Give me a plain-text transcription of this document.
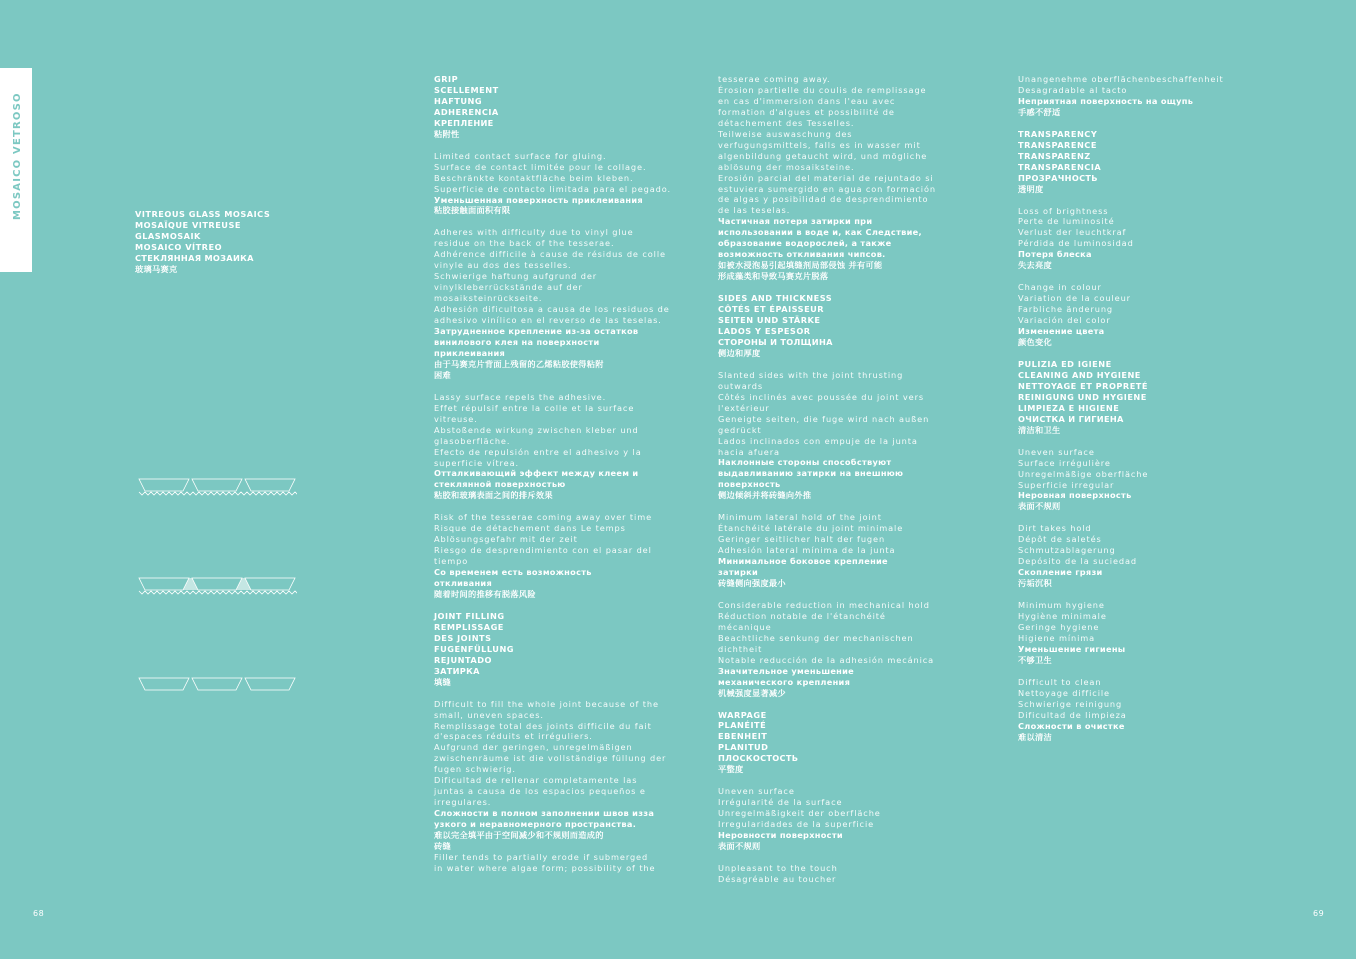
MOSAICO VETROSO	VITREOUS GLASS MOSAICS
MOSAÏQUE VITREUSE
GLASMOSAIK
MOSAICO VÍTREO
СТЕКЛЯННАЯ МОЗАИКА
玻璃马赛克
GRIP
SCELLEMENT
HAFTUNG
ADHERENCIA
КРЕПЛЕНИЕ
粘附性
Limited contact surface for gluing.
Surface de contact limitée pour le collage.
Beschränkte kontaktfläche beim kleben.
Superficie de contacto limitada para el pegado.
Уменьшенная поверхность приклеивания
粘胶接触面面积有限
Adheres with difficulty due to vinyl glue
residue on the back of the tesserae.
Adhérence difficile à cause de résidus de colle
vinyle au dos des tesselles.
Schwierige haftung aufgrund der
vinylkleberrückstände auf der
mosaiksteinrückseite.
Adhesión dificultosa a causa de los residuos de
adhesivo vinílico en el reverso de las teselas.
Затрудненное крепление из-за остатков
винилового клея на поверхности
приклеивания
由于马赛克片背面上残留的乙烯粘胶使得粘附
困难
Lassy surface repels the adhesive.
Effet répulsif entre la colle et la surface
vitreuse.
Abstoßende wirkung zwischen kleber und
glasoberfläche.
Efecto de repulsión entre el adhesivo y la
superficie vítrea.
Отталкивающий эффект между клеем и
стеклянной поверхностью
粘胶和玻璃表面之间的排斥效果
Risk of the tesserae coming away over time
Risque de détachement dans Le temps
Ablösungsgefahr mit der zeit
Riesgo de desprendimiento con el pasar del
tiempo
Со временем есть возможность
откливания
随着时间的推移有脱落风险
JOINT FILLING
REMPLISSAGE
DES JOINTS
FUGENFÜLLUNG
REJUNTADO
ЗАТИРКА
填缝
Difficult to fill the whole joint because of the
small, uneven spaces.
Remplissage total des joints difficile du fait
d'espaces réduits et irréguliers.
Aufgrund der geringen, unregelmäßigen
zwischenräume ist die vollständige füllung der
fugen schwierig.
Dificultad de rellenar completamente las
juntas a causa de los espacios pequeños e
irregulares.
Сложности в полном заполнении швов изза
узкого и неравномерного пространства.
难以完全填平由于空间减少和不规则而造成的
砖缝
Filler tends to partially erode if submerged
in water where algae form; possibility of the
tesserae coming away.
Érosion partielle du coulis de remplissage
en cas d'immersion dans l'eau avec
formation d'algues et possibilité de
détachement des Tesselles.
Teilweise auswaschung des
verfugungsmittels, falls es in wasser mit
algenbildung getaucht wird, und mögliche
ablösung der mosaiksteine.
Erosión parcial del material de rejuntado si
estuviera sumergido en agua con formación
de algas y posibilidad de desprendimiento
de las teselas.
Частичная потеря затирки при
использовании в воде и, как Следствие,
образование водорослей, а также
возможность откливания чипсов.
如被水浸泡易引起填缝剂局部侵蚀 并有可能
形成藻类和导致马赛克片脱落
SIDES AND THICKNESS
CÔTÉS ET ÉPAISSEUR
SEITEN UND STÄRKE
LADOS Y ESPESOR
СТОРОНЫ И ТОЛЩИНА
侧边和厚度
Slanted sides with the joint thrusting
outwards
Côtés inclinés avec poussée du joint vers
l'extérieur
Geneigte seiten, die fuge wird nach außen
gedrückt
Lados inclinados con empuje de la junta
hacia afuera
Наклонные стороны способствуют
выдавливанию затирки на внешнюю
поверхность
侧边倾斜并将砖缝向外推
Minimum lateral hold of the joint
Étanchéité latérale du joint minimale
Geringer seitlicher halt der fugen
Adhesión lateral mínima de la junta
Минимальное боковое крепление
затирки
砖缝侧向强度最小
Considerable reduction in mechanical hold
Réduction notable de l'étanchéité
mécanique
Beachtliche senkung der mechanischen
dichtheit
Notable reducción de la adhesión mecánica
Значительное уменьшение
механического крепления
机械强度显著减少
WARPAGE
PLANÉITÉ
EBENHEIT
PLANITUD
ПЛОСКОСТОСТЬ
平整度
Uneven surface
Irrégularité de la surface
Unregelmäßigkeit der oberfläche
Irregularidades de la superficie
Неровности поверхности
表面不规则
Unpleasant to the touch
Désagréable au toucher
Unangenehme oberflächenbeschaffenheit
Desagradable al tacto
Неприятная поверхность на ощупь
手感不舒适
TRANSPARENCY
TRANSPARENCE
TRANSPARENZ
TRANSPARENCIA
ПРОЗРАЧНОСТЬ
透明度
Loss of brightness
Perte de luminosité
Verlust der leuchtkraf
Pérdida de luminosidad
Потеря блеска
失去亮度
Change in colour
Variation de la couleur
Farbliche änderung
Variación del color
Изменение цвета
颜色变化
PULIZIA ED IGIENE
CLEANING AND HYGIENE
NETTOYAGE ET PROPRETÉ
REINIGUNG UND HYGIENE
LIMPIEZA E HIGIENE
ОЧИСТКА И ГИГИЕНА
清洁和卫生
Uneven surface
Surface irrégulière
Unregelmäßige oberfläche
Superficie irregular
Неровная поверхность
表面不规则
Dirt takes hold
Dépôt de saletés
Schmutzablagerung
Depósito de la suciedad
Скопление грязи
污垢沉积
Minimum hygiene
Hygiène minimale
Geringe hygiene
Higiene mínima
Уменьшение гигиены
不够卫生
Difficult to clean
Nettoyage difficile
Schwierige reinigung
Dificultad de limpieza
Сложности в очистке
难以清洁
68	69
